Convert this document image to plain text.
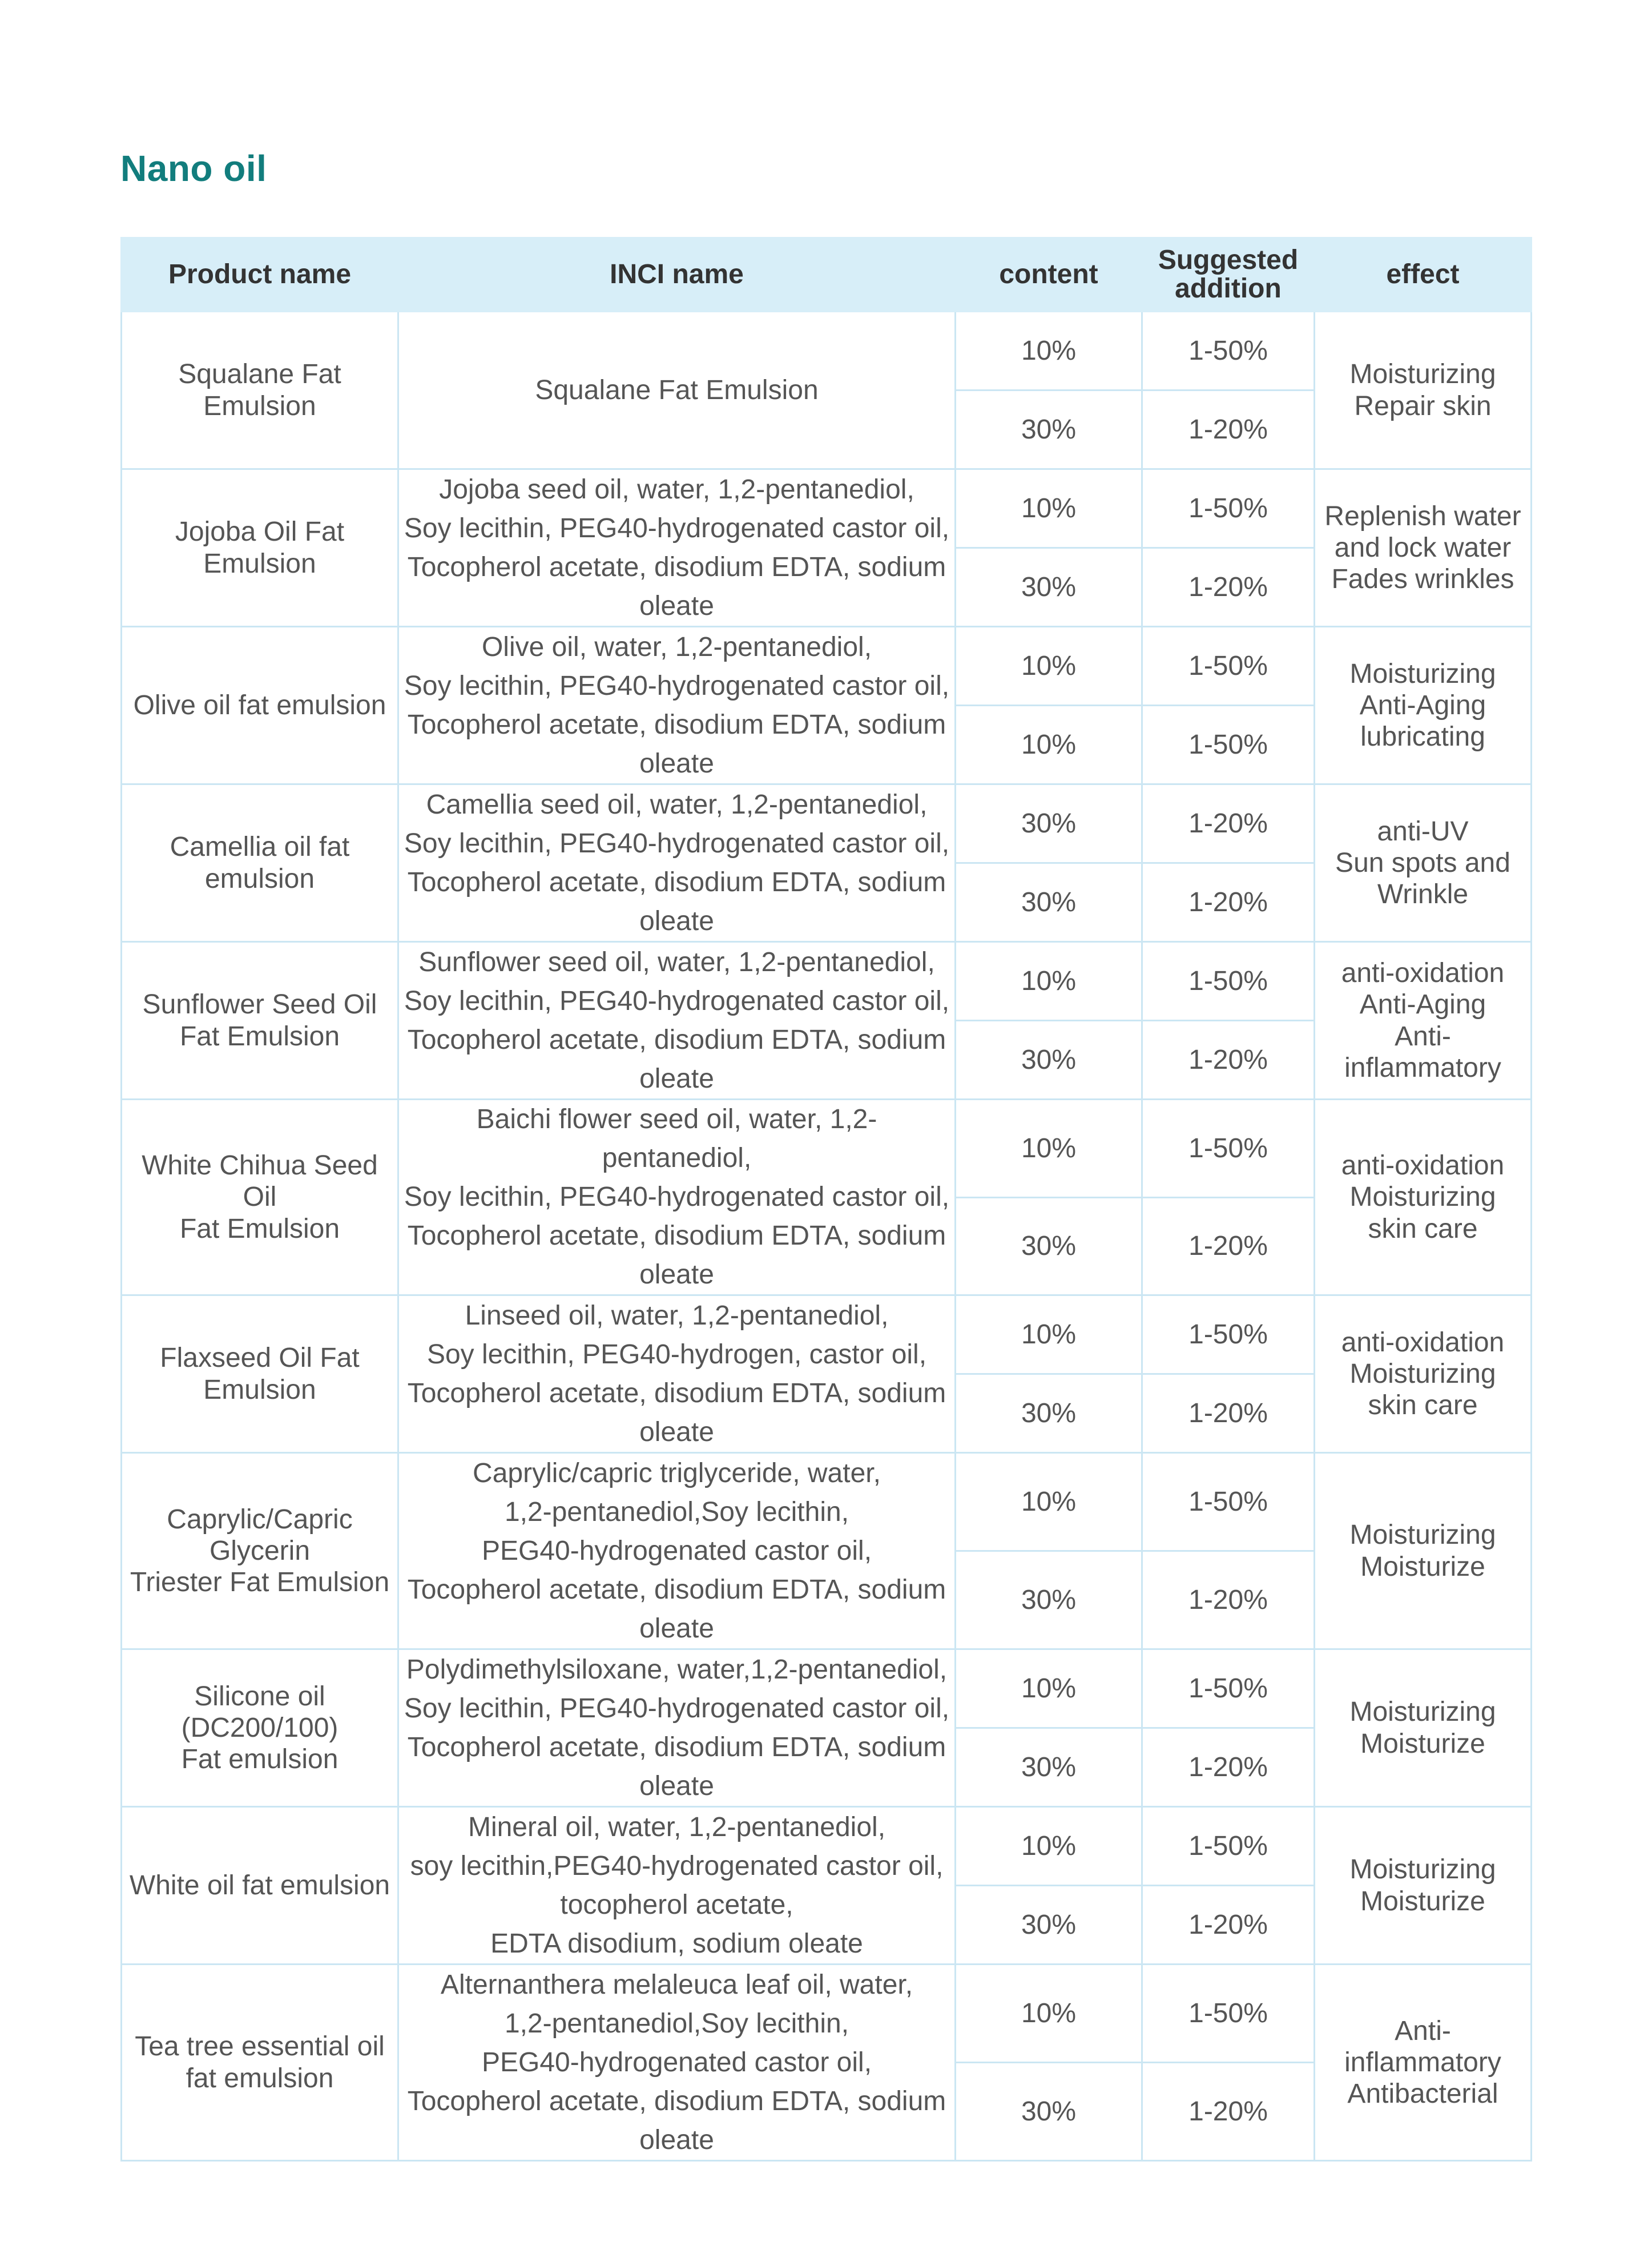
Nano oil
Product name	INCI name	content	Suggested
addition	effect
Squalane Fat
Emulsion	Squalane Fat Emulsion	10%	1-50%	Moisturizing
Repair skin
		30%	1-20%	
Jojoba Oil Fat
Emulsion	Jojoba seed oil, water, 1,2-pentanediol,
Soy lecithin, PEG40-hydrogenated castor oil,
Tocopherol acetate, disodium EDTA, sodium
oleate	10%	1-50%	Replenish water
and lock water
Fades wrinkles
		30%	1-20%	
Olive oil fat emulsion	Olive oil, water, 1,2-pentanediol,
Soy lecithin, PEG40-hydrogenated castor oil,
Tocopherol acetate, disodium EDTA, sodium
oleate	10%	1-50%	Moisturizing
Anti-Aging
lubricating
		10%	1-50%	
Camellia oil fat
emulsion	Camellia seed oil, water, 1,2-pentanediol,
Soy lecithin, PEG40-hydrogenated castor oil,
Tocopherol acetate, disodium EDTA, sodium
oleate	30%	1-20%	anti-UV
Sun spots and
Wrinkle
		30%	1-20%	
Sunflower Seed Oil
Fat Emulsion	Sunflower seed oil, water, 1,2-pentanediol,
Soy lecithin, PEG40-hydrogenated castor oil,
Tocopherol acetate, disodium EDTA, sodium
oleate	10%	1-50%	anti-oxidation
Anti-Aging
Anti-
inflammatory
		30%	1-20%	
White Chihua Seed Oil
Fat Emulsion	Baichi flower seed oil, water, 1,2-pentanediol,
Soy lecithin, PEG40-hydrogenated castor oil,
Tocopherol acetate, disodium EDTA, sodium
oleate	10%	1-50%	anti-oxidation
Moisturizing
skin care
		30%	1-20%	
Flaxseed Oil Fat
Emulsion	Linseed oil, water, 1,2-pentanediol,
Soy lecithin, PEG40-hydrogen, castor oil,
Tocopherol acetate, disodium EDTA, sodium
oleate	10%	1-50%	anti-oxidation
Moisturizing
skin care
		30%	1-20%	
Caprylic/Capric
Glycerin
Triester Fat Emulsion	Caprylic/capric triglyceride, water,
1,2-pentanediol,Soy lecithin,
PEG40-hydrogenated castor oil,
Tocopherol acetate, disodium EDTA, sodium
oleate	10%	1-50%	Moisturizing
Moisturize
		30%	1-20%	
Silicone oil
(DC200/100)
Fat emulsion	Polydimethylsiloxane, water,1,2-pentanediol,
Soy lecithin, PEG40-hydrogenated castor oil,
Tocopherol acetate, disodium EDTA, sodium
oleate	10%	1-50%	Moisturizing
Moisturize
		30%	1-20%	
White oil fat emulsion	Mineral oil, water, 1,2-pentanediol,
soy lecithin,PEG40-hydrogenated castor oil,
tocopherol acetate,
EDTA disodium, sodium oleate	10%	1-50%	Moisturizing
Moisturize
		30%	1-20%	
Tea tree essential oil
fat emulsion	Alternanthera melaleuca leaf oil, water,
1,2-pentanediol,Soy lecithin,
PEG40-hydrogenated castor oil,
Tocopherol acetate, disodium EDTA, sodium
oleate	10%	1-50%	Anti-
inflammatory
Antibacterial
		30%	1-20%	
